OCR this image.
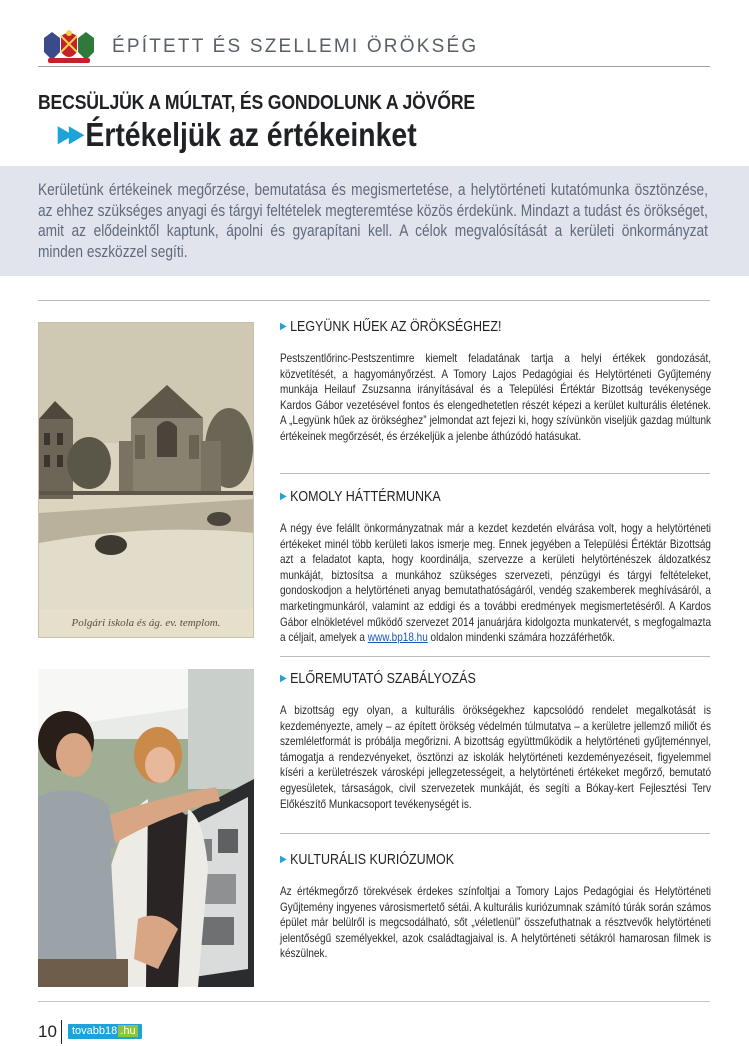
ÉPÍTETT ÉS SZELLEMI ÖRÖKSÉG
BECSÜLJÜK A MÚLTAT, ÉS GONDOLUNK A JÖVŐRE
▶▶ Értékeljük az értékeinket
Kerületünk értékeinek megőrzése, bemutatása és megismertetése, a helytörténeti kutatómunka ösztönzése, az ehhez szükséges anyagi és tárgyi feltételek megteremtése közös érdekünk. Mindazt a tudást és örökséget, amit az elődeinktől kaptunk, ápolni és gyarapítani kell. A célok megvalósítását a kerületi önkormányzat minden eszközzel segíti.
Polgári iskola és ág. ev. templom.
▶ LEGYÜNK HŰEK AZ ÖRÖKSÉGHEZ!
Pestszentlőrinc-Pestszentimre kiemelt feladatának tartja a helyi értékek gondozását, közvetítését, a hagyományőrzést. A Tomory Lajos Pedagógiai és Helytörténeti Gyűjtemény munkája Heilauf Zsuzsanna irányításával és a Települési Értéktár Bizottság tevékenysége Kardos Gábor vezetésével fontos és elengedhetetlen részét képezi a kerület kulturális életének. A „Legyünk hűek az örökséghez” jelmondat azt fejezi ki, hogy szívünkön viseljük gazdag múltunk értékeinek megőrzését, és érzékeljük a jelenbe áthúzódó hatásukat.
▶ KOMOLY HÁTTÉRMUNKA
A négy éve felállt önkormányzatnak már a kezdet kezdetén elvárása volt, hogy a helytörténeti értékeket minél több kerületi lakos ismerje meg. Ennek jegyében a Települési Értéktár Bizottság azt a feladatot kapta, hogy koordinálja, szervezze a kerületi helytörténészek áldozatkész munkáját, biztosítsa a munkához szükséges szervezeti, pénzügyi és tárgyi feltételeket, gondoskodjon a helytörténeti anyag bemutathatóságáról, vendég szakemberek meghívásáról, a marketingmunkáról, valamint az eddigi és a további eredmények megismertetéséről. A Kardos Gábor elnökletével működő szervezet 2014 januárjára kidolgozta munkatervét, s megfogalmazta a céljait, amelyek a www.bp18.hu oldalon mindenki számára hozzáférhetők.
▶ ELŐREMUTATÓ SZABÁLYOZÁS
A bizottság egy olyan, a kulturális örökségekhez kapcsolódó rendelet megalkotását is kezdeményezte, amely – az épített örökség védelmén túlmutatva – a kerületre jellemző miliőt és szemléletformát is próbálja megőrizni. A bizottság együttműködik a helytörténeti gyűjteménnyel, támogatja a rendezvényeket, ösztönzi az iskolák helytörténeti kezdeményezéseit, figyelemmel kíséri a kerületrészek városképi jellegzetességeit, a helytörténeti értékeket megőrző, bemutató egyesületek, társaságok, civil szervezetek munkáját, és segíti a Bókay-kert Fejlesztési Terv Előkészítő Munkacsoport tevékenységét is.
▶ KULTURÁLIS KURIÓZUMOK
Az értékmegőrző törekvések érdekes színfoltjai a Tomory Lajos Pedagógiai és Helytörténeti Gyűjtemény ingyenes városismertető sétái. A kulturális kuriózumnak számító túrák során számos épület már belülről is megcsodálható, sőt „véletlenül” összefuthatnak a résztvevők helytörténeti jelentőségű személyekkel, azok családtagjaival is. A helytörténeti sétákról hamarosan filmek is készülnek.
10	tovabb18 .hu
